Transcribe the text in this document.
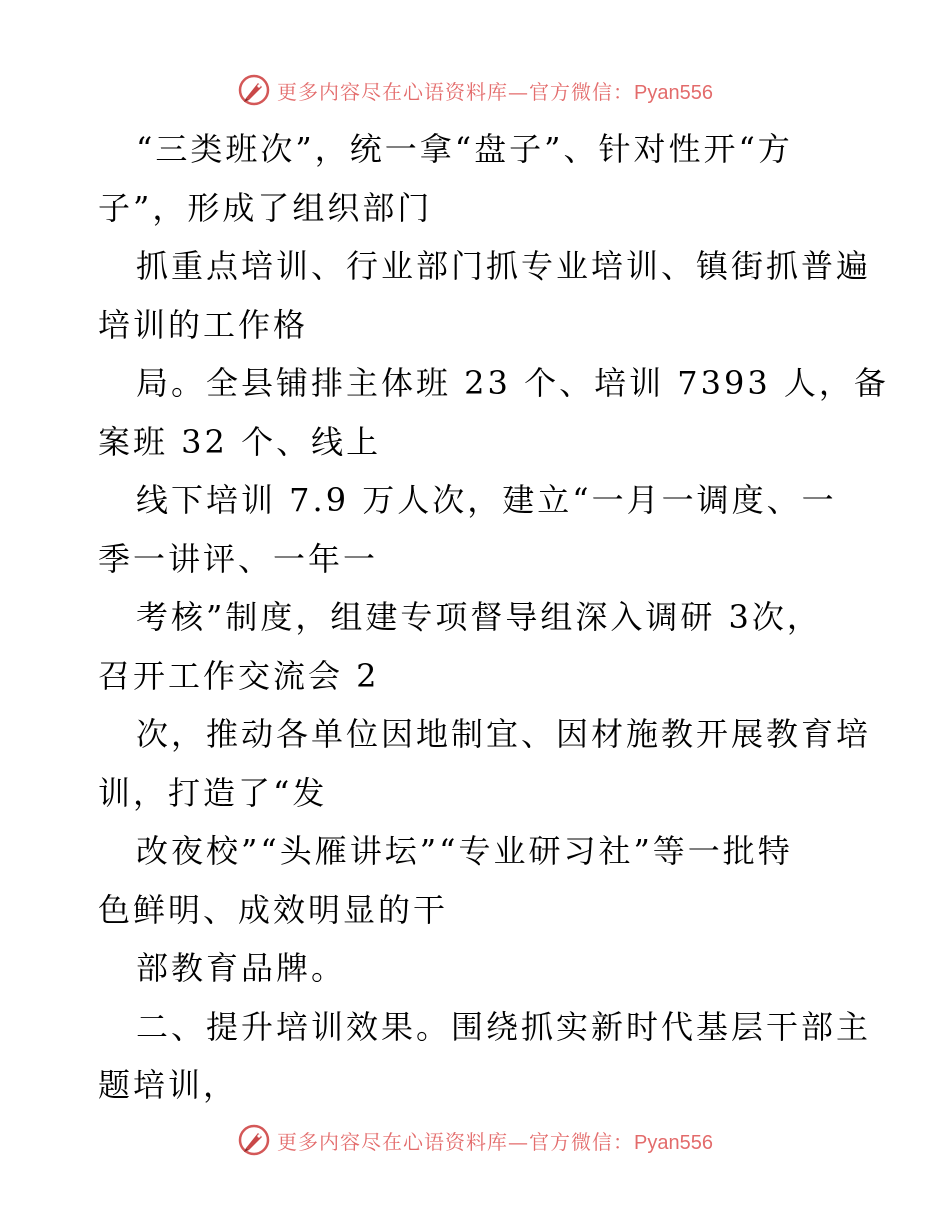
更多内容尽在心语资料库—官方微信：Pyan556
“三类班次”，统一拿“盘子”、针对性开“方
子”，形成了组织部门
抓重点培训、行业部门抓专业培训、镇街抓普遍
培训的工作格
局。全县铺排主体班 23 个、培训 7393 人，备
案班 32 个、线上
线下培训 7.9 万人次，建立“一月一调度、一
季一讲评、一年一
考核”制度，组建专项督导组深入调研 3次，
召开工作交流会 2
次，推动各单位因地制宜、因材施教开展教育培
训，打造了“发
改夜校”“头雁讲坛”“专业研习社”等一批特
色鲜明、成效明显的干
部教育品牌。
二、提升培训效果。围绕抓实新时代基层干部主
题培训，
更多内容尽在心语资料库—官方微信：Pyan556
